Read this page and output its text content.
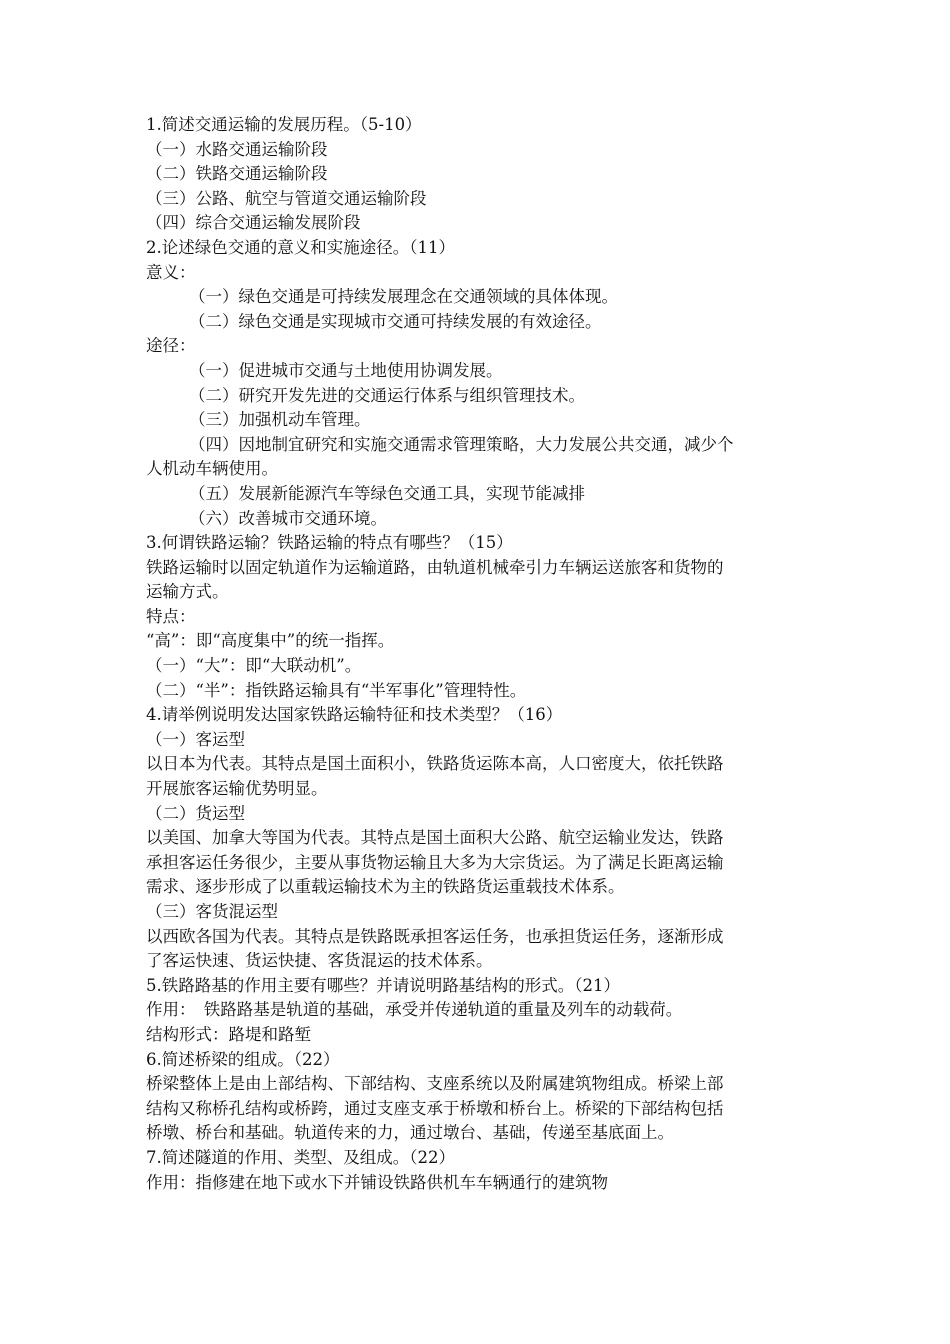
1.简述交通运输的发展历程。（5-10）
（一）水路交通运输阶段
（二）铁路交通运输阶段
（三）公路、航空与管道交通运输阶段
（四）综合交通运输发展阶段
2.论述绿色交通的意义和实施途径。（11）
意义：
（一）绿色交通是可持续发展理念在交通领域的具体体现。
（二）绿色交通是实现城市交通可持续发展的有效途径。
途径：
（一）促进城市交通与土地使用协调发展。
（二）研究开发先进的交通运行体系与组织管理技术。
（三）加强机动车管理。
（四）因地制宜研究和实施交通需求管理策略，大力发展公共交通，减少个
人机动车辆使用。
（五）发展新能源汽车等绿色交通工具，实现节能减排
（六）改善城市交通环境。
3.何谓铁路运输？铁路运输的特点有哪些？（15）
铁路运输时以固定轨道作为运输道路，由轨道机械牵引力车辆运送旅客和货物的
运输方式。
特点：
“高”：即“高度集中”的统一指挥。
（一）“大”：即“大联动机”。
（二）“半”：指铁路运输具有“半军事化”管理特性。
4.请举例说明发达国家铁路运输特征和技术类型？（16）
（一）客运型
以日本为代表。其特点是国土面积小，铁路货运陈本高，人口密度大，依托铁路
开展旅客运输优势明显。
（二）货运型
以美国、加拿大等国为代表。其特点是国土面积大公路、航空运输业发达，铁路
承担客运任务很少，主要从事货物运输且大多为大宗货运。为了满足长距离运输
需求、逐步形成了以重载运输技术为主的铁路货运重载技术体系。
（三）客货混运型
以西欧各国为代表。其特点是铁路既承担客运任务，也承担货运任务，逐渐形成
了客运快速、货运快捷、客货混运的技术体系。
5.铁路路基的作用主要有哪些？并请说明路基结构的形式。（21）
作用：　铁路路基是轨道的基础，承受并传递轨道的重量及列车的动载荷。
结构形式：路堤和路堑
6.简述桥梁的组成。（22）
桥梁整体上是由上部结构、下部结构、支座系统以及附属建筑物组成。桥梁上部
结构又称桥孔结构或桥跨，通过支座支承于桥墩和桥台上。桥梁的下部结构包括
桥墩、桥台和基础。轨道传来的力，通过墩台、基础，传递至基底面上。
7.简述隧道的作用、类型、及组成。（22）
作用：指修建在地下或水下并铺设铁路供机车车辆通行的建筑物
